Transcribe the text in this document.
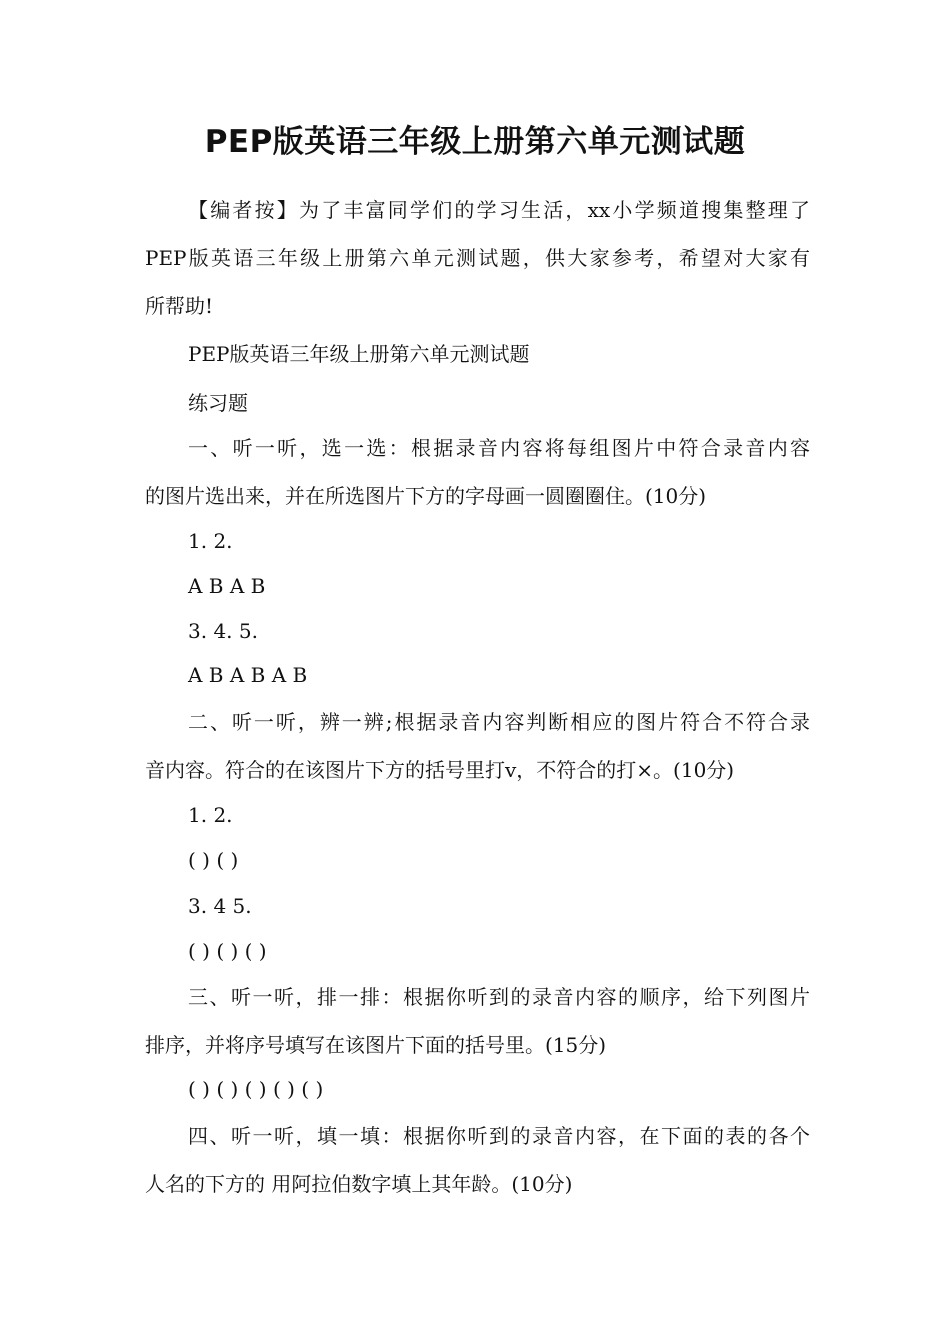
PEP版英语三年级上册第六单元测试题
【编者按】为了丰富同学们的学习生活，xx小学频道搜集整理了
PEP版英语三年级上册第六单元测试题，供大家参考，希望对大家有
所帮助!
PEP版英语三年级上册第六单元测试题
练习题
一、听一听，选一选：根据录音内容将每组图片中符合录音内容
的图片选出来，并在所选图片下方的字母画一圆圈圈住。(10分)
1. 2.
A B A B
3. 4. 5.
A B A B A B
二、听一听，辨一辨;根据录音内容判断相应的图片符合不符合录
音内容。符合的在该图片下方的括号里打ⅴ，不符合的打×。(10分)
1. 2.
( ) ( )
3. 4 5.
( ) ( ) ( )
三、听一听，排一排：根据你听到的录音内容的顺序，给下列图片
排序，并将序号填写在该图片下面的括号里。(15分)
( ) ( ) ( ) ( ) ( )
四、听一听，填一填：根据你听到的录音内容，在下面的表的各个
人名的下方的 用阿拉伯数字填上其年龄。(10分)
